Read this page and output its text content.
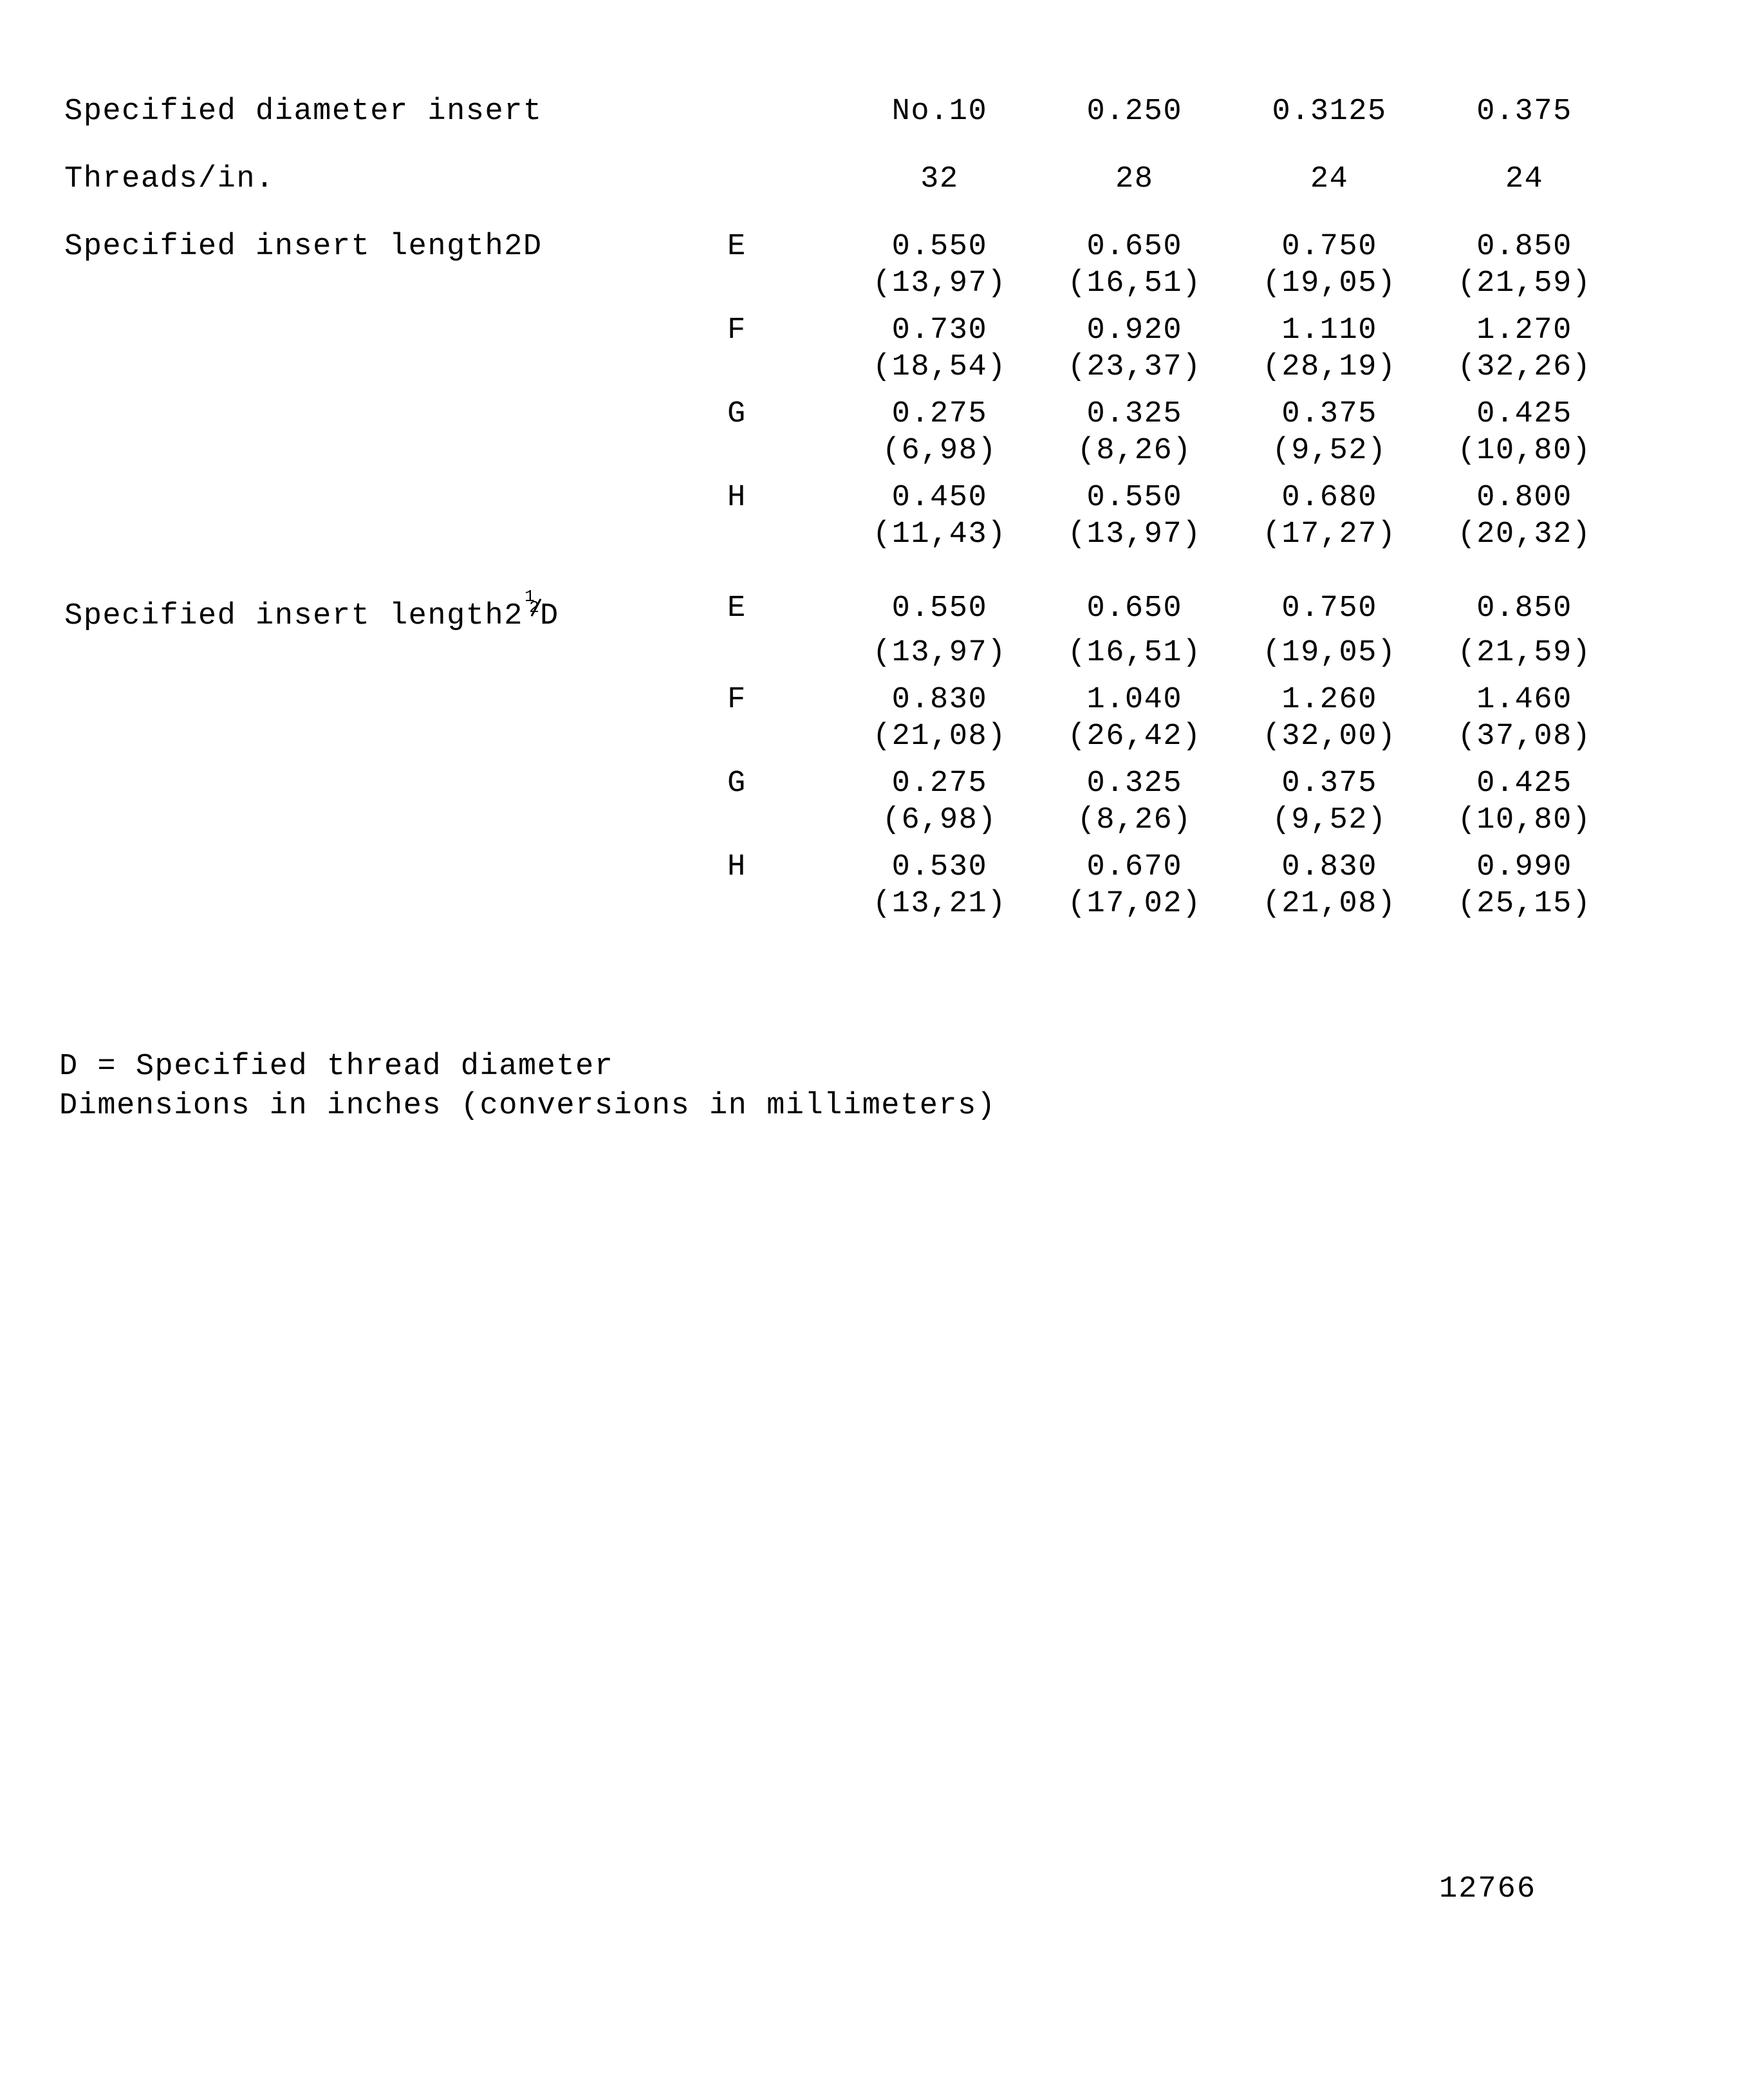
Specified diameter insert		No.10	0.250	0.3125	0.375
Threads/in.		32	28	24	24
Specified insert length2D	E	0.550	0.650	0.750	0.850
		(13,97)	(16,51)	(19,05)	(21,59)
	F	0.730	0.920	1.110	1.270
		(18,54)	(23,37)	(28,19)	(32,26)
	G	0.275	0.325	0.375	0.425
		(6,98)	(8,26)	(9,52)	(10,80)
	H	0.450	0.550	0.680	0.800
		(11,43)	(13,97)	(17,27)	(20,32)
Specified insert length2
1
2 D	E	0.550	0.650	0.750	0.850
		(13,97)	(16,51)	(19,05)	(21,59)
	F	0.830	1.040	1.260	1.460
		(21,08)	(26,42)	(32,00)	(37,08)
	G	0.275	0.325	0.375	0.425
		(6,98)	(8,26)	(9,52)	(10,80)
	H	0.530	0.670	0.830	0.990
		(13,21)	(17,02)	(21,08)	(25,15)
D = Specified thread diameter
Dimensions in inches (conversions in millimeters)
12766
